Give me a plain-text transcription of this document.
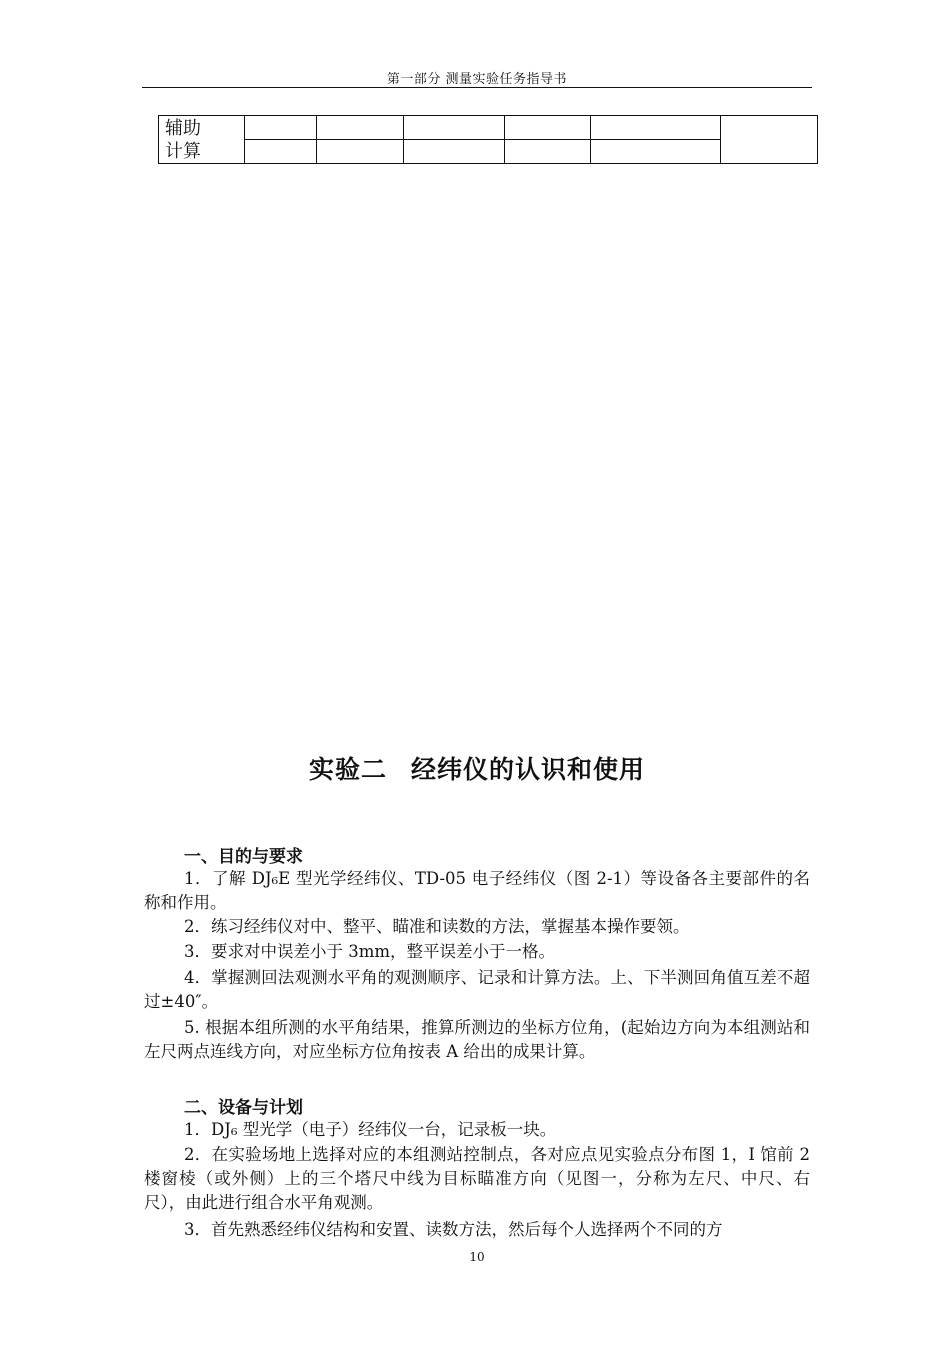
第一部分 测量实验任务指导书
辅助
计算						

实验二 经纬仪的认识和使用
一、目的与要求
1．了解 DJ₆E 型光学经纬仪、TD-05 电子经纬仪（图 2-1）等设备各主要部件的名称和作用。
2．练习经纬仪对中、整平、瞄准和读数的方法，掌握基本操作要领。
3．要求对中误差小于 3mm，整平误差小于一格。
4．掌握测回法观测水平角的观测顺序、记录和计算方法。上、下半测回角值互差不超过±40″。
5. 根据本组所测的水平角结果，推算所测边的坐标方位角，(起始边方向为本组测站和左尺两点连线方向，对应坐标方位角按表 A 给出的成果计算。
二、设备与计划
1．DJ₆ 型光学（电子）经纬仪一台，记录板一块。
2．在实验场地上选择对应的本组测站控制点，各对应点见实验点分布图 1，I 馆前 2 楼窗棱（或外侧）上的三个塔尺中线为目标瞄准方向（见图一，分称为左尺、中尺、右尺），由此进行组合水平角观测。
3．首先熟悉经纬仪结构和安置、读数方法，然后每个人选择两个不同的方
10
